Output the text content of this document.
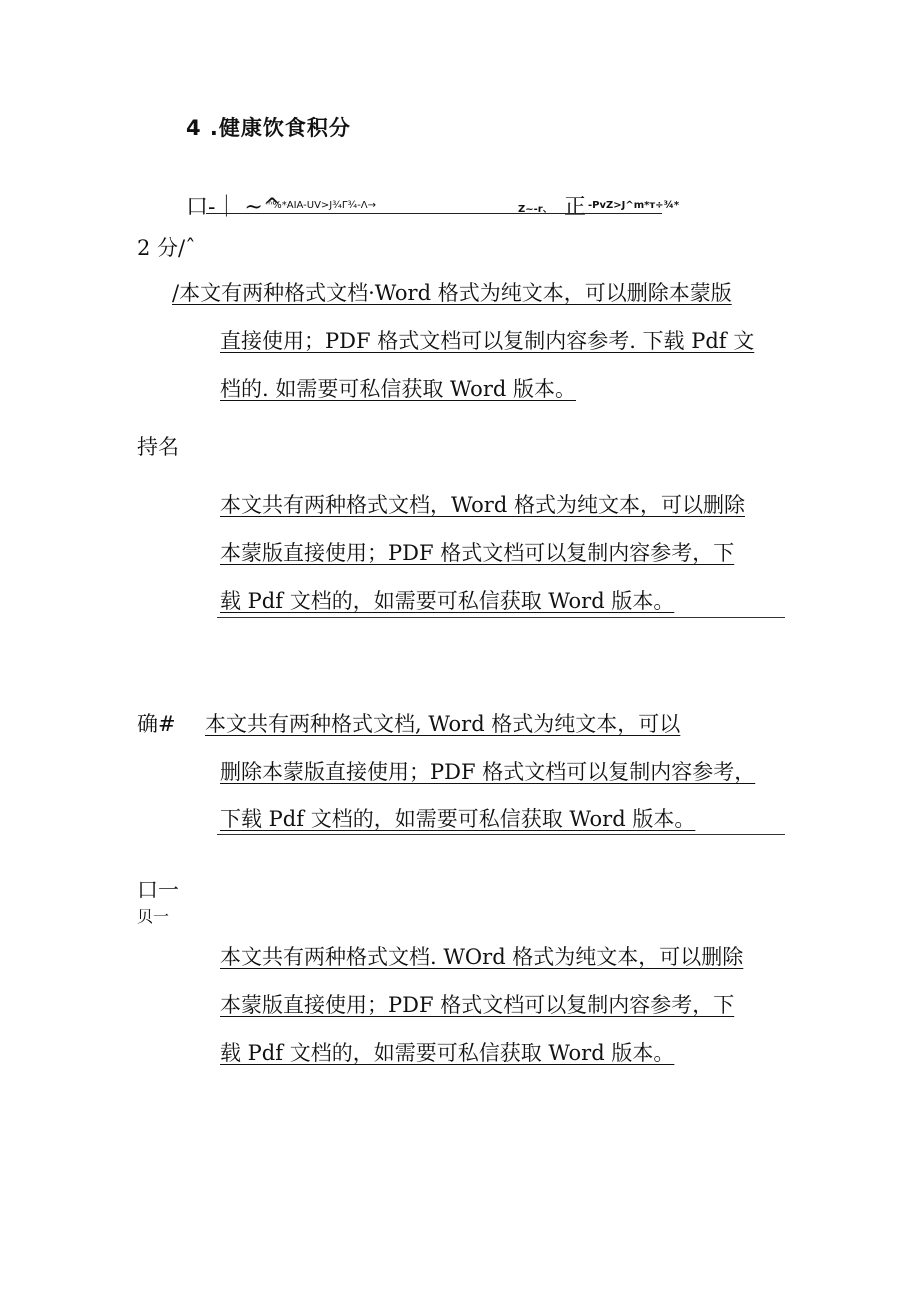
4 .健康饮食积分
口-｜ ~^
ᵐ%*AIA-UV>J¾Γ¾-Λ→	Z~-r、 正 -PvZ>J^m*т÷¾*
2 分/ˆ
/本文有两种格式文档·Word 格式为纯文本，可以删除本蒙版
直接使用；PDF 格式文档可以复制内容参考. 下载 Pdf 文
档的. 如需要可私信获取 Word 版本。
持名
本文共有两种格式文档，Word 格式为纯文本，可以删除
本蒙版直接使用；PDF 格式文档可以复制内容参考，下
载 Pdf 文档的，如需要可私信获取 Word 版本。
确# 本文共有两种格式文档, Word 格式为纯文本，可以
删除本蒙版直接使用；PDF 格式文档可以复制内容参考，
下载 Pdf 文档的，如需要可私信获取 Word 版本。
口一
贝一
本文共有两种格式文档. WOrd 格式为纯文本，可以删除
本蒙版直接使用；PDF 格式文档可以复制内容参考，下
载 Pdf 文档的，如需要可私信获取 Word 版本。
